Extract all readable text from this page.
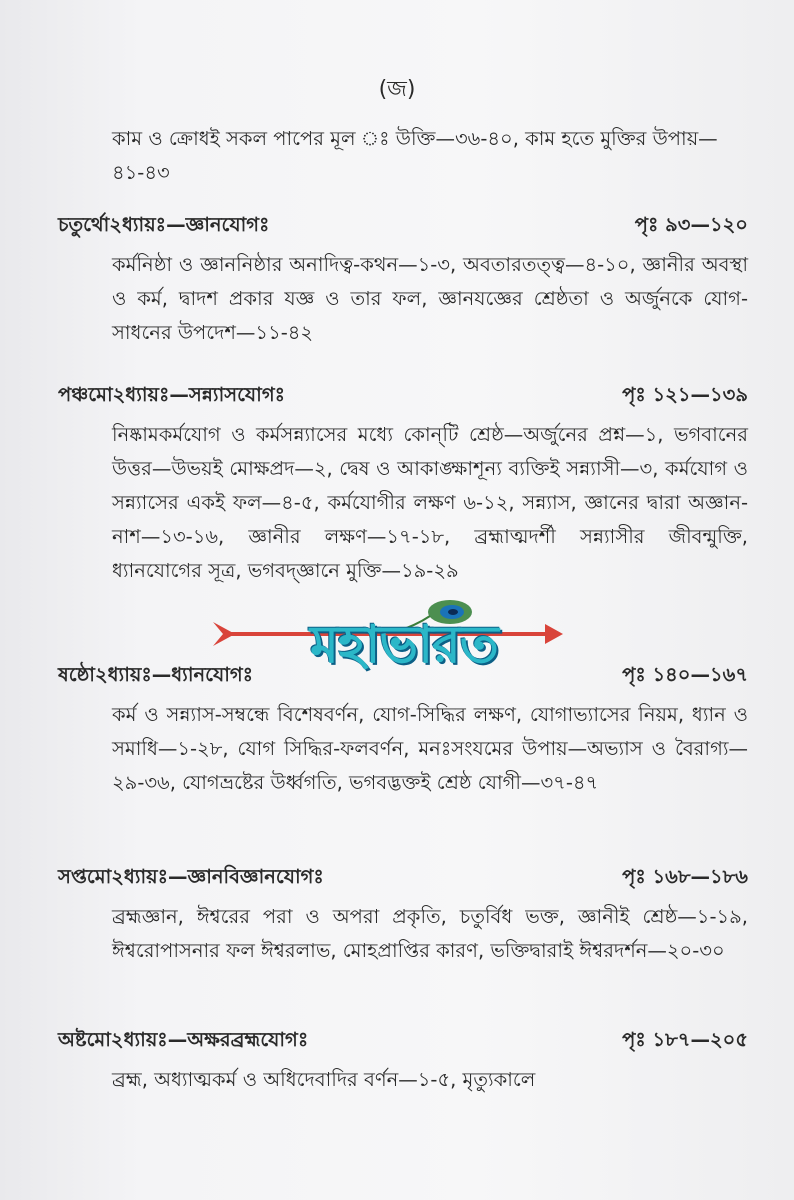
(জ)
কাম ও ক্রোধই সকল পাপের মূল ঃ উক্তি—৩৬-৪০, কাম হতে মুক্তির উপায়—৪১-৪৩
চতুর্থো২ধ্যায়ঃ—জ্ঞানযোগঃ	পৃঃ ৯৩—১২০
কর্মনিষ্ঠা ও জ্ঞাননিষ্ঠার অনাদিত্ব-কথন—১-৩, অবতারতত্ত্ব—৪-১০, জ্ঞানীর অবস্থা ও কর্ম, দ্বাদশ প্রকার যজ্ঞ ও তার ফল, জ্ঞানযজ্ঞের শ্রেষ্ঠতা ও অর্জুনকে যোগ-সাধনের উপদেশ—১১-৪২
পঞ্চমো২ধ্যায়ঃ—সন্ন্যাসযোগঃ	পৃঃ ১২১—১৩৯
নিষ্কামকর্মযোগ ও কর্মসন্ন্যাসের মধ্যে কোন্‌টি শ্রেষ্ঠ—অর্জুনের প্রশ্ন—১, ভগবানের উত্তর—উভয়ই মোক্ষপ্রদ—২, দ্বেষ ও আকাঙ্ক্ষাশূন্য ব্যক্তিই সন্ন্যাসী—৩, কর্মযোগ ও সন্ন্যাসের একই ফল—৪-৫, কর্মযোগীর লক্ষণ ৬-১২, সন্ন্যাস, জ্ঞানের দ্বারা অজ্ঞান-নাশ—১৩-১৬, জ্ঞানীর লক্ষণ—১৭-১৮, ব্রহ্মাত্মদর্শী সন্ন্যাসীর জীবন্মুক্তি, ধ্যানযোগের সূত্র, ভগবদ্‌জ্ঞানে মুক্তি—১৯-২৯
ষষ্ঠো২ধ্যায়ঃ—ধ্যানযোগঃ	পৃঃ ১৪০—১৬৭
কর্ম ও সন্ন্যাস-সম্বন্ধে বিশেষবর্ণন, যোগ-সিদ্ধির লক্ষণ, যোগাভ্যাসের নিয়ম, ধ্যান ও সমাধি—১-২৮, যোগ সিদ্ধির-ফলবর্ণন, মনঃসংযমের উপায়—অভ্যাস ও বৈরাগ্য—২৯-৩৬, যোগভ্রষ্টের উর্ধ্বগতি, ভগবদ্ভক্তই শ্রেষ্ঠ যোগী—৩৭-৪৭
সপ্তমো২ধ্যায়ঃ—জ্ঞানবিজ্ঞানযোগঃ	পৃঃ ১৬৮—১৮৬
ব্রহ্মজ্ঞান, ঈশ্বরের পরা ও অপরা প্রকৃতি, চতুর্বিধ ভক্ত, জ্ঞানীই শ্রেষ্ঠ—১-১৯, ঈশ্বরোপাসনার ফল ঈশ্বরলাভ, মোহপ্রাপ্তির কারণ, ভক্তিদ্বারাই ঈশ্বরদর্শন—২০-৩০
অষ্টমো২ধ্যায়ঃ—অক্ষরব্রহ্মযোগঃ	পৃঃ ১৮৭—২০৫
ব্রহ্ম, অধ্যাত্মকর্ম ও অধিদেবাদির বর্ণন—১-৫, মৃত্যুকালে
মহাভারত
